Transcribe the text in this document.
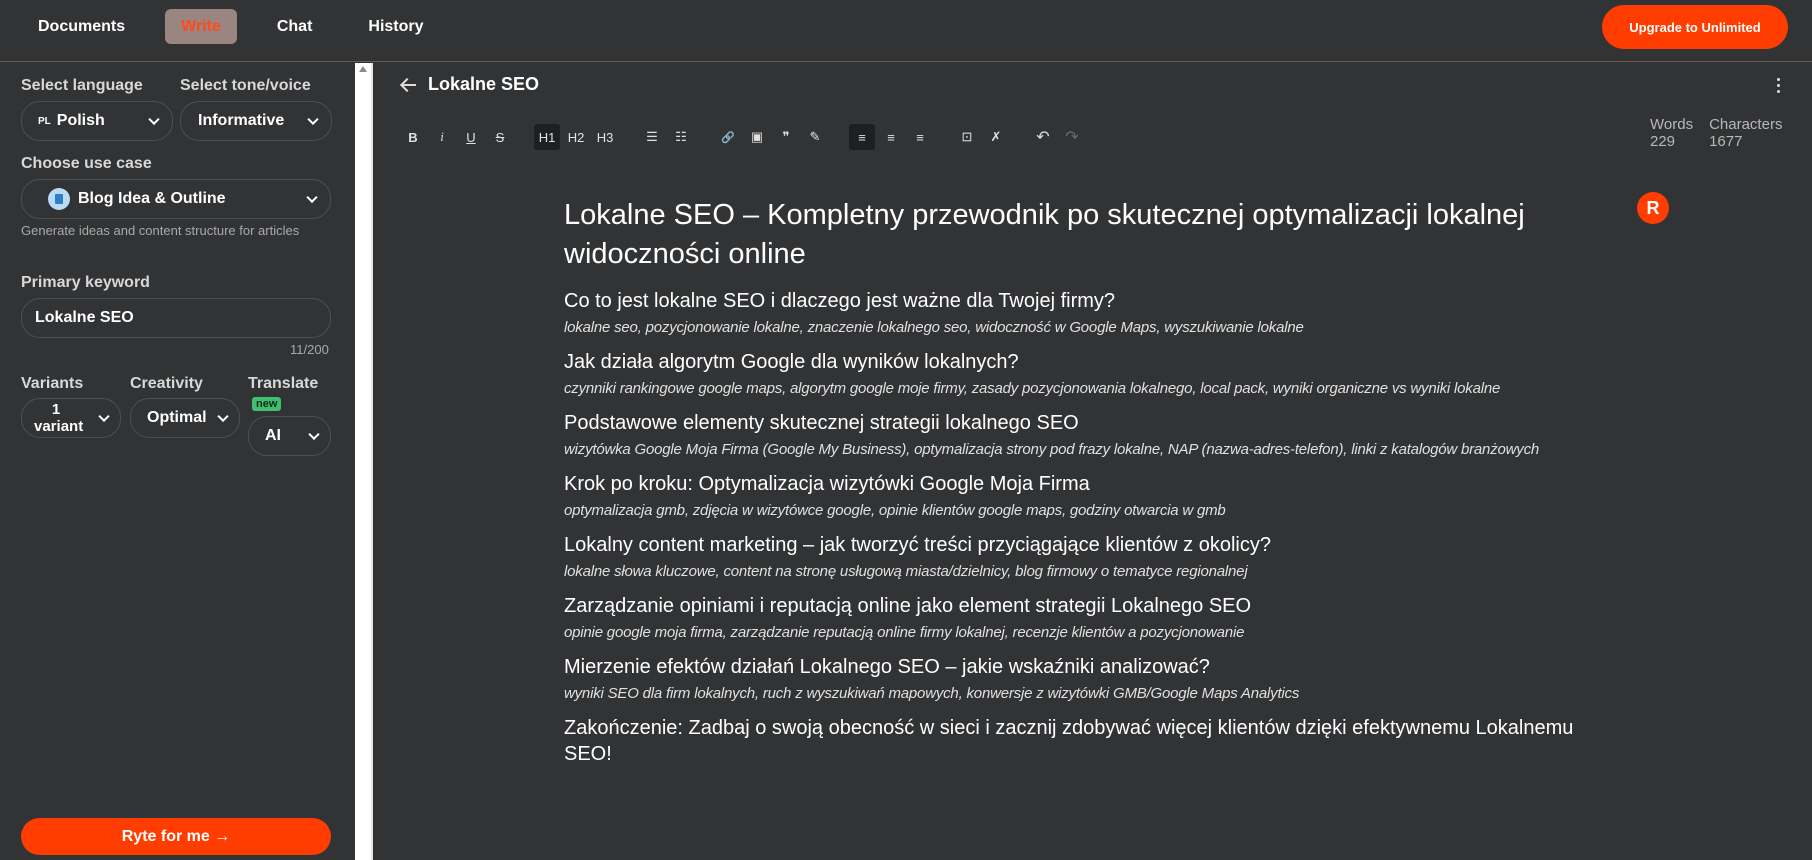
Documents	Write	Chat	History	Upgrade to Unlimited
Select language
PL Polish
Select tone/voice
Informative
Choose use case
Blog Idea & Outline
Generate ideas and content structure for articles
Primary keyword
Lokalne SEO
11/200
Variants
1
variant
Creativity
Optimal
Translate
new
AI
Ryte for me →
Lokalne SEO
B	i	U	S	H1 H2 H3	☰	☷	🔗	▣	❞	✎	≡	≡	≡	⊡	✗	↶ ↷
Words
229
Characters
1677
R
Lokalne SEO – Kompletny przewodnik po skutecznej optymalizacji lokalnej widoczności online
Co to jest lokalne SEO i dlaczego jest ważne dla Twojej firmy?

lokalne seo, pozycjonowanie lokalne, znaczenie lokalnego seo, widoczność w Google Maps, wyszukiwanie lokalne

Jak działa algorytm Google dla wyników lokalnych?

czynniki rankingowe google maps, algorytm google moje firmy, zasady pozycjonowania lokalnego, local pack, wyniki organiczne vs wyniki lokalne

Podstawowe elementy skutecznej strategii lokalnego SEO

wizytówka Google Moja Firma (Google My Business), optymalizacja strony pod frazy lokalne, NAP (nazwa-adres-telefon), linki z katalogów branżowych

Krok po kroku: Optymalizacja wizytówki Google Moja Firma

optymalizacja gmb, zdjęcia w wizytówce google, opinie klientów google maps, godziny otwarcia w gmb

Lokalny content marketing – jak tworzyć treści przyciągające klientów z okolicy?

lokalne słowa kluczowe, content na stronę usługową miasta/dzielnicy, blog firmowy o tematyce regionalnej

Zarządzanie opiniami i reputacją online jako element strategii Lokalnego SEO

opinie google moja firma, zarządzanie reputacją online firmy lokalnej, recenzje klientów a pozycjonowanie

Mierzenie efektów działań Lokalnego SEO – jakie wskaźniki analizować?

wyniki SEO dla firm lokalnych, ruch z wyszukiwań mapowych, konwersje z wizytówki GMB/Google Maps Analytics

Zakończenie: Zadbaj o swoją obecność w sieci i zacznij zdobywać więcej klientów dzięki efektywnemu Lokalnemu SEO!
